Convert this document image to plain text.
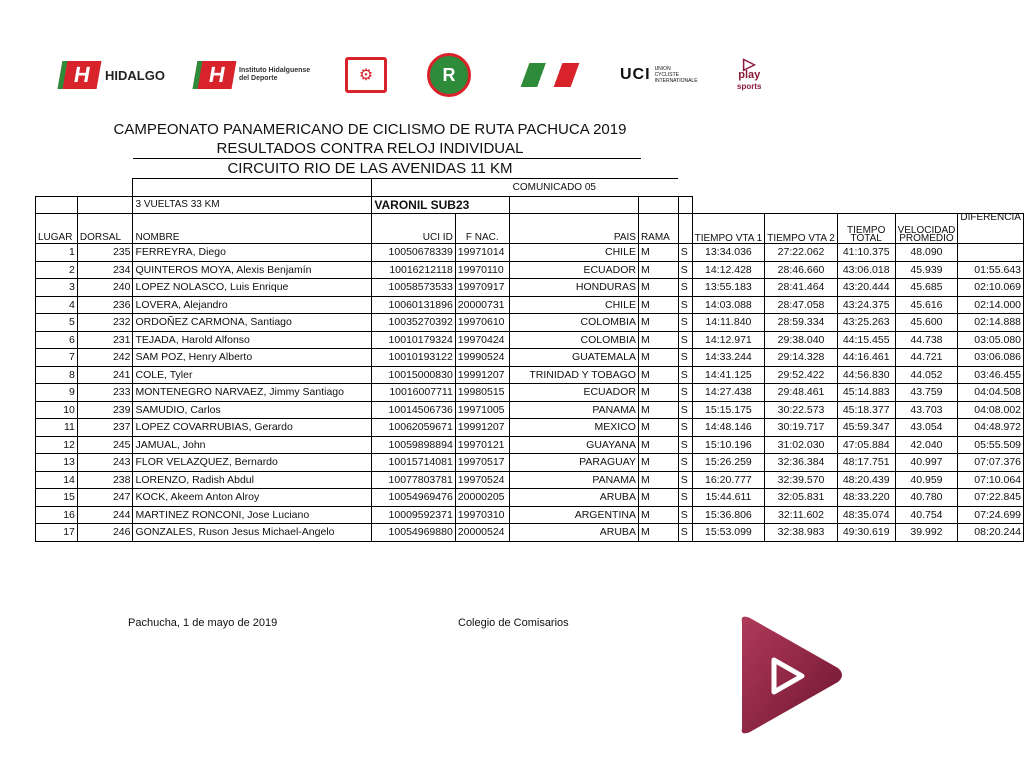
H HIDALGO	H	Instituto Hidalguense del Deporte	⚙	R	UCI UNION CYCLISTE INTERNATIONALE
▷
play
sports
CAMPEONATO PANAMERICANO DE CICLISMO DE RUTA PACHUCA 2019
RESULTADOS CONTRA RELOJ INDIVIDUAL
CIRCUITO RIO DE LAS AVENIDAS 11 KM
			COMUNICADO 05									
		3 VUELTAS 33 KM	VARONIL SUB23									
LUGAR	DORSAL	NOMBRE	UCI ID	F NAC.	PAIS	RAMA		TIEMPO VTA 1	TIEMPO VTA 2	TIEMPO TOTAL	VELOCIDAD PROMEDIO	DIFERENCIA
1	235	FERREYRA, Diego	10050678339	19971014	CHILE	M	S	13:34.036	27:22.062	41:10.375	48.090	
2	234	QUINTEROS MOYA, Alexis Benjamín	10016212118	19970110	ECUADOR	M	S	14:12.428	28:46.660	43:06.018	45.939	01:55.643
3	240	LOPEZ NOLASCO, Luis Enrique	10058573533	19970917	HONDURAS	M	S	13:55.183	28:41.464	43:20.444	45.685	02:10.069
4	236	LOVERA, Alejandro	10060131896	20000731	CHILE	M	S	14:03.088	28:47.058	43:24.375	45.616	02:14.000
5	232	ORDOÑEZ CARMONA, Santiago	10035270392	19970610	COLOMBIA	M	S	14:11.840	28:59.334	43:25.263	45.600	02:14.888
6	231	TEJADA, Harold Alfonso	10010179324	19970424	COLOMBIA	M	S	14:12.971	29:38.040	44:15.455	44.738	03:05.080
7	242	SAM POZ, Henry Alberto	10010193122	19990524	GUATEMALA	M	S	14:33.244	29:14.328	44:16.461	44.721	03:06.086
8	241	COLE, Tyler	10015000830	19991207	TRINIDAD Y TOBAGO	M	S	14:41.125	29:52.422	44:56.830	44.052	03:46.455
9	233	MONTENEGRO NARVAEZ, Jimmy Santiago	10016007711	19980515	ECUADOR	M	S	14:27.438	29:48.461	45:14.883	43.759	04:04.508
10	239	SAMUDIO, Carlos	10014506736	19971005	PANAMA	M	S	15:15.175	30:22.573	45:18.377	43.703	04:08.002
11	237	LOPEZ COVARRUBIAS, Gerardo	10062059671	19991207	MEXICO	M	S	14:48.146	30:19.717	45:59.347	43.054	04:48.972
12	245	JAMUAL, John	10059898894	19970121	GUAYANA	M	S	15:10.196	31:02.030	47:05.884	42.040	05:55.509
13	243	FLOR VELAZQUEZ, Bernardo	10015714081	19970517	PARAGUAY	M	S	15:26.259	32:36.384	48:17.751	40.997	07:07.376
14	238	LORENZO, Radish Abdul	10077803781	19970524	PANAMA	M	S	16:20.777	32:39.570	48:20.439	40.959	07:10.064
15	247	KOCK, Akeem Anton Alroy	10054969476	20000205	ARUBA	M	S	15:44.611	32:05.831	48:33.220	40.780	07:22.845
16	244	MARTINEZ RONCONI, Jose Luciano	10009592371	19970310	ARGENTINA	M	S	15:36.806	32:11.602	48:35.074	40.754	07:24.699
17	246	GONZALES, Ruson Jesus Michael-Angelo	10054969880	20000524	ARUBA	M	S	15:53.099	32:38.983	49:30.619	39.992	08:20.244
Pachucha, 1 de mayo de 2019	Colegio de Comisarios
